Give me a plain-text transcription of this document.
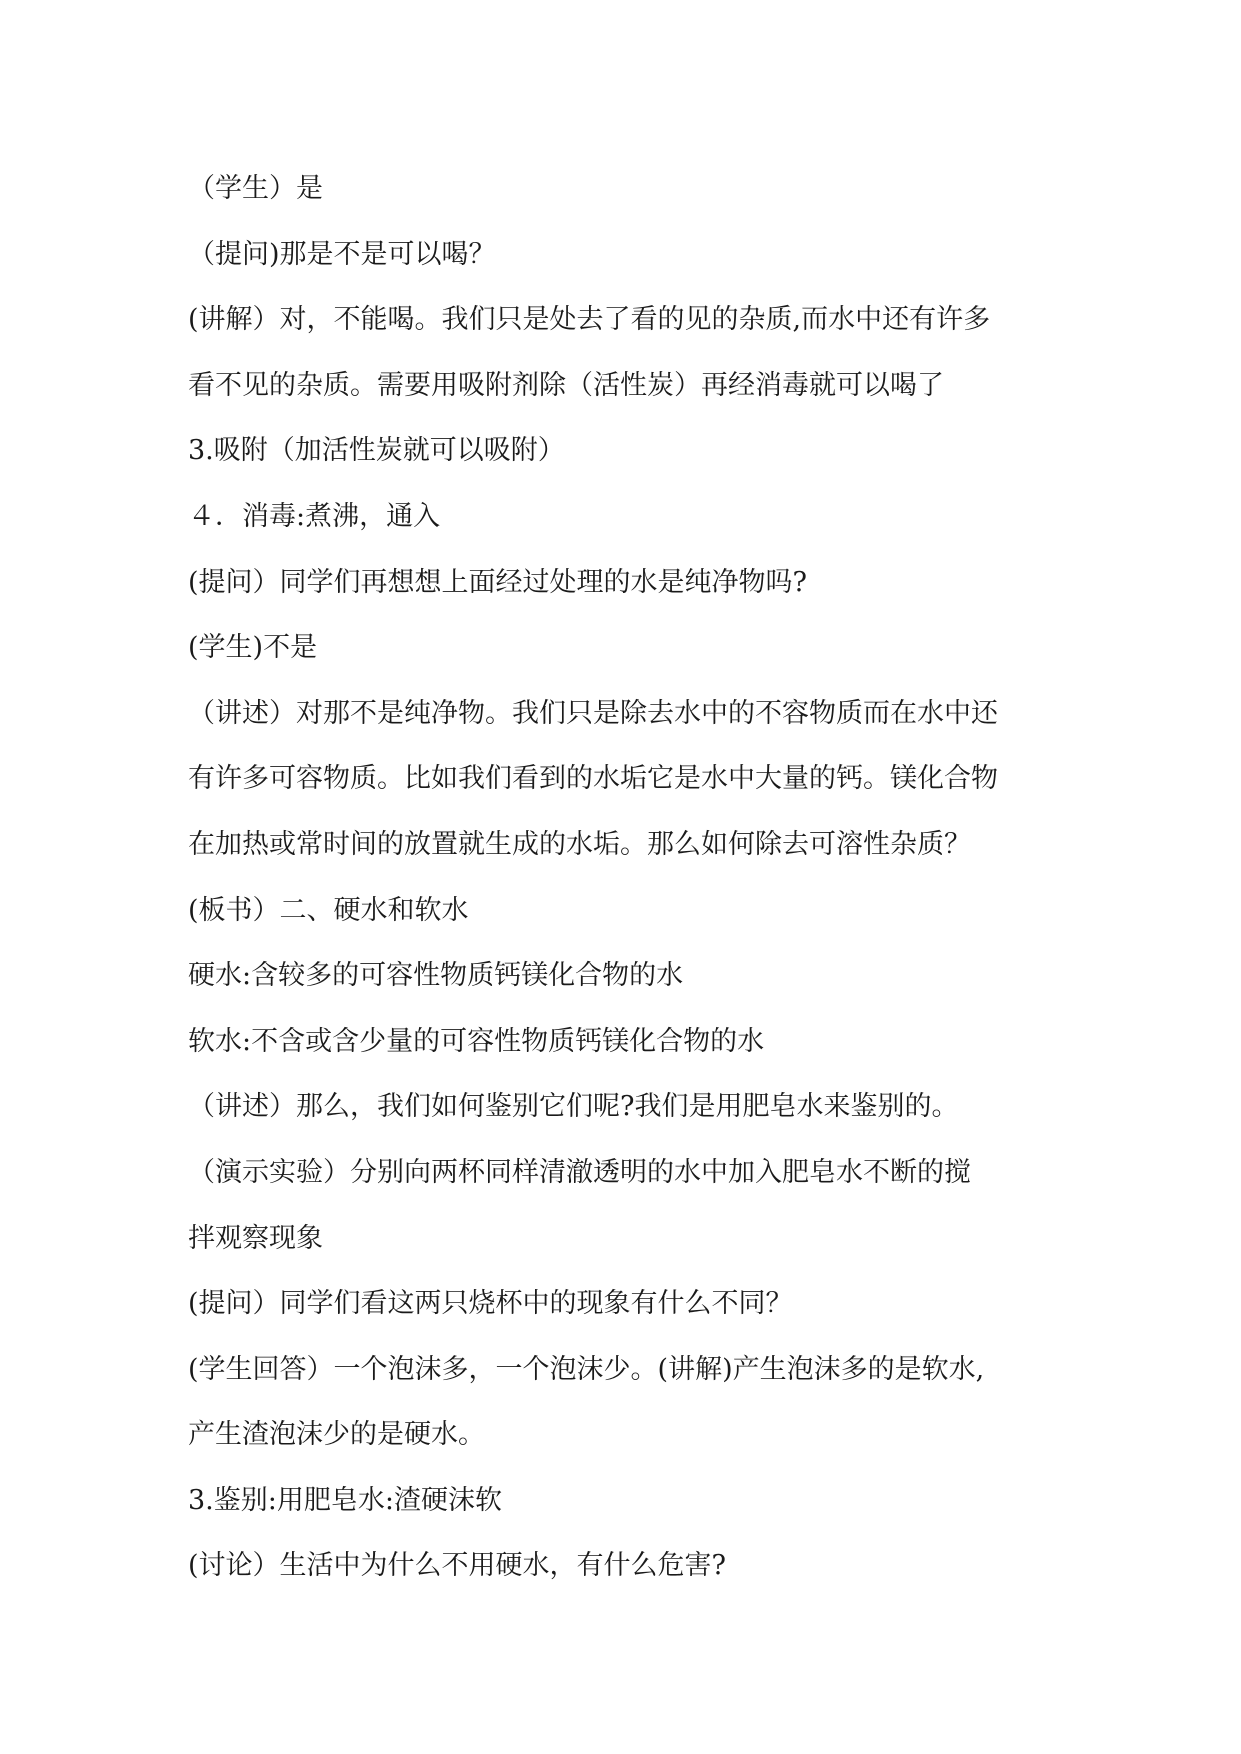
（学生）是

（提问)那是不是可以喝？

(讲解）对，不能喝。我们只是处去了看的见的杂质,而水中还有许多

看不见的杂质。需要用吸附剂除（活性炭）再经消毒就可以喝了

3.吸附（加活性炭就可以吸附）

４．消毒:煮沸，通入

(提问）同学们再想想上面经过处理的水是纯净物吗?

(学生)不是

（讲述）对那不是纯净物。我们只是除去水中的不容物质而在水中还

有许多可容物质。比如我们看到的水垢它是水中大量的钙。镁化合物

在加热或常时间的放置就生成的水垢。那么如何除去可溶性杂质？

(板书）二、硬水和软水

硬水:含较多的可容性物质钙镁化合物的水

软水:不含或含少量的可容性物质钙镁化合物的水

（讲述）那么，我们如何鉴别它们呢?我们是用肥皂水来鉴别的。

（演示实验）分别向两杯同样清澈透明的水中加入肥皂水不断的搅

拌观察现象

(提问）同学们看这两只烧杯中的现象有什么不同？

(学生回答）一个泡沫多，一个泡沫少。(讲解)产生泡沫多的是软水,

产生渣泡沫少的是硬水。

3.鉴别:用肥皂水:渣硬沫软

(讨论）生活中为什么不用硬水，有什么危害?
